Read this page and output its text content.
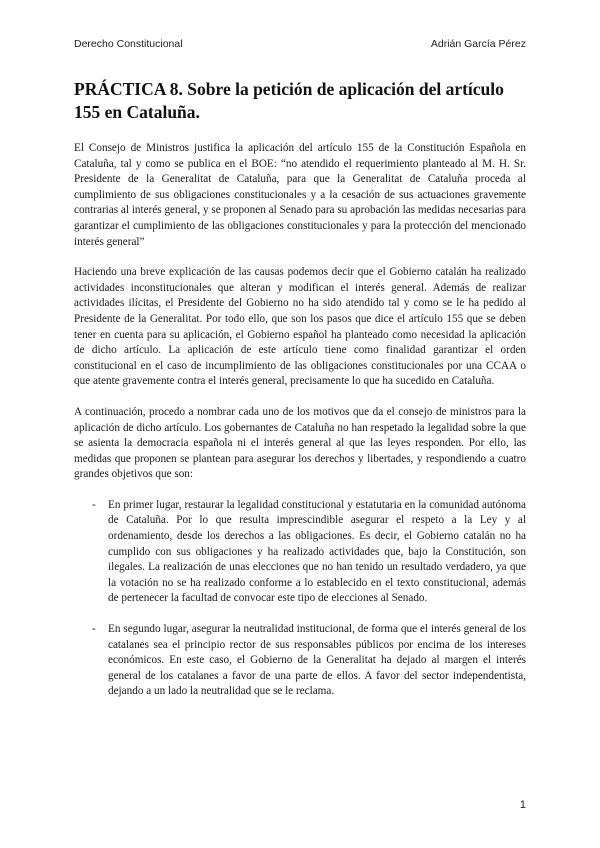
Derecho Constitucional	Adrián García Pérez
PRÁCTICA 8. Sobre la petición de aplicación del artículo 155 en Cataluña.

El Consejo de Ministros justifica la aplicación del artículo 155 de la Constitución Española en Cataluña, tal y como se publica en el BOE: “no atendido el requerimiento planteado al M. H. Sr. Presidente de la Generalitat de Cataluña, para que la Generalitat de Cataluña proceda al cumplimiento de sus obligaciones constitucionales y a la cesación de sus actuaciones gravemente contrarias al interés general, y se proponen al Senado para su aprobación las medidas necesarias para garantizar el cumplimiento de las obligaciones constitucionales y para la protección del mencionado interés general”

Haciendo una breve explicación de las causas podemos decir que el Gobierno catalán ha realizado actividades inconstitucionales que alteran y modifican el interés general. Además de realizar actividades ilícitas, el Presidente del Gobierno no ha sido atendido tal y como se le ha pedido al Presidente de la Generalitat. Por todo ello, que son los pasos que dice el artículo 155 que se deben tener en cuenta para su aplicación, el Gobierno español ha planteado como necesidad la aplicación de dicho artículo. La aplicación de este artículo tiene como finalidad garantizar el orden constitucional en el caso de incumplimiento de las obligaciones constitucionales por una CCAA o que atente gravemente contra el interés general, precisamente lo que ha sucedido en Cataluña.

A continuación, procedo a nombrar cada uno de los motivos que da el consejo de ministros para la aplicación de dicho artículo. Los gobernantes de Cataluña no han respetado la legalidad sobre la que se asienta la democracia española ni el interés general al que las leyes responden. Por ello, las medidas que proponen se plantean para asegurar los derechos y libertades, y respondiendo a cuatro grandes objetivos que son:

- En primer lugar, restaurar la legalidad constitucional y estatutaria en la comunidad autónoma de Cataluña. Por lo que resulta imprescindible asegurar el respeto a la Ley y al ordenamiento, desde los derechos a las obligaciones. Es decir, el Gobierno catalán no ha cumplido con sus obligaciones y ha realizado actividades que, bajo la Constitución, son ilegales. La realización de unas elecciones que no han tenido un resultado verdadero, ya que la votación no se ha realizado conforme a lo establecido en el texto constitucional, además de pertenecer la facultad de convocar este tipo de elecciones al Senado.
- En segundo lugar, asegurar la neutralidad institucional, de forma que el interés general de los catalanes sea el principio rector de sus responsables públicos por encima de los intereses económicos. En este caso, el Gobierno de la Generalitat ha dejado al margen el interés general de los catalanes a favor de una parte de ellos. A favor del sector independentista, dejando a un lado la neutralidad que se le reclama.
1
